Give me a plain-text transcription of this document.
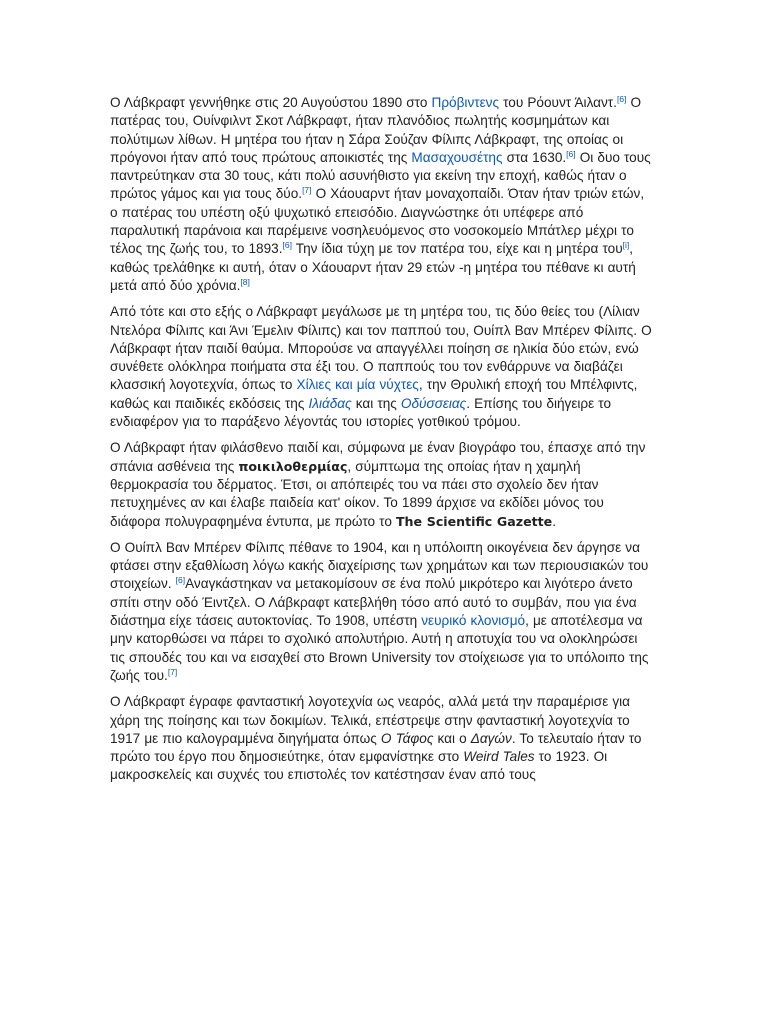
Ο Λάβκραφτ γεννήθηκε στις 20 Αυγούστου 1890 στο Πρόβιντενς του Ρόουντ Άιλαντ.[6] Ο πατέρας του, Ουίνφιλντ Σκοτ Λάβκραφτ, ήταν πλανόδιος πωλητής κοσμημάτων και πολύτιμων λίθων. Η μητέρα του ήταν η Σάρα Σούζαν Φίλιπς Λάβκραφτ, της οποίας οι πρόγονοι ήταν από τους πρώτους αποικιστές της Μασαχουσέτης στα 1630.[6] Οι δυο τους παντρεύτηκαν στα 30 τους, κάτι πολύ ασυνήθιστο για εκείνη την εποχή, καθώς ήταν ο πρώτος γάμος και για τους δύο.[7] Ο Χάουαρντ ήταν μοναχοπαίδι. Όταν ήταν τριών ετών, ο πατέρας του υπέστη οξύ ψυχωτικό επεισόδιο. Διαγνώστηκε ότι υπέφερε από παραλυτική παράνοια και παρέμεινε νοσηλευόμενος στο νοσοκομείο Μπάτλερ μέχρι το τέλος της ζωής του, το 1893.[6] Την ίδια τύχη με τον πατέρα του, είχε και η μητέρα του[i], καθώς τρελάθηκε κι αυτή, όταν ο Χάουαρντ ήταν 29 ετών -η μητέρα του πέθανε κι αυτή μετά από δύο χρόνια.[8]

Από τότε και στο εξής ο Λάβκραφτ μεγάλωσε με τη μητέρα του, τις δύο θείες του (Λίλιαν Ντελόρα Φίλιπς και Άνι Έμελιν Φίλιπς) και τον παππού του, Ουίπλ Βαν Μπέρεν Φίλιπς. Ο Λάβκραφτ ήταν παιδί θαύμα. Μπορούσε να απαγγέλλει ποίηση σε ηλικία δύο ετών, ενώ συνέθετε ολόκληρα ποιήματα στα έξι του. Ο παππούς του τον ενθάρρυνε να διαβάζει κλασσική λογοτεχνία, όπως το Χίλιες και μία νύχτες, την Θρυλική εποχή του Μπέλφιντς, καθώς και παιδικές εκδόσεις της Ιλιάδας και της Οδύσσειας. Επίσης του διήγειρε το ενδιαφέρον για το παράξενο λέγοντάς του ιστορίες γοτθικού τρόμου.

Ο Λάβκραφτ ήταν φιλάσθενο παιδί και, σύμφωνα με έναν βιογράφο του, έπασχε από την σπάνια ασθένεια της ποικιλοθερμίας, σύμπτωμα της οποίας ήταν η χαμηλή θερμοκρασία του δέρματος. Έτσι, οι απόπειρές του να πάει στο σχολείο δεν ήταν πετυχημένες αν και έλαβε παιδεία κατ' οίκον. Το 1899 άρχισε να εκδίδει μόνος του διάφορα πολυγραφημένα έντυπα, με πρώτο το The Scientific Gazette.

Ο Ουίπλ Βαν Μπέρεν Φίλιπς πέθανε το 1904, και η υπόλοιπη οικογένεια δεν άργησε να φτάσει στην εξαθλίωση λόγω κακής διαχείρισης των χρημάτων και των περιουσιακών του στοιχείων. [6]Αναγκάστηκαν να μετακομίσουν σε ένα πολύ μικρότερο και λιγότερο άνετο σπίτι στην οδό Έιντζελ. Ο Λάβκραφτ κατεβλήθη τόσο από αυτό το συμβάν, που για ένα διάστημα είχε τάσεις αυτοκτονίας. Το 1908, υπέστη νευρικό κλονισμό, με αποτέλεσμα να μην κατορθώσει να πάρει το σχολικό απολυτήριο. Αυτή η αποτυχία του να ολοκληρώσει τις σπουδές του και να εισαχθεί στο Brown University τον στοίχειωσε για το υπόλοιπο της ζωής του.[7]

Ο Λάβκραφτ έγραφε φανταστική λογοτεχνία ως νεαρός, αλλά μετά την παραμέρισε για χάρη της ποίησης και των δοκιμίων. Τελικά, επέστρεψε στην φανταστική λογοτεχνία το 1917 με πιο καλογραμμένα διηγήματα όπως Ο Τάφος και ο Δαγών. Το τελευταίο ήταν το πρώτο του έργο που δημοσιεύτηκε, όταν εμφανίστηκε στο Weird Tales το 1923. Οι μακροσκελείς και συχνές του επιστολές τον κατέστησαν έναν από τους
